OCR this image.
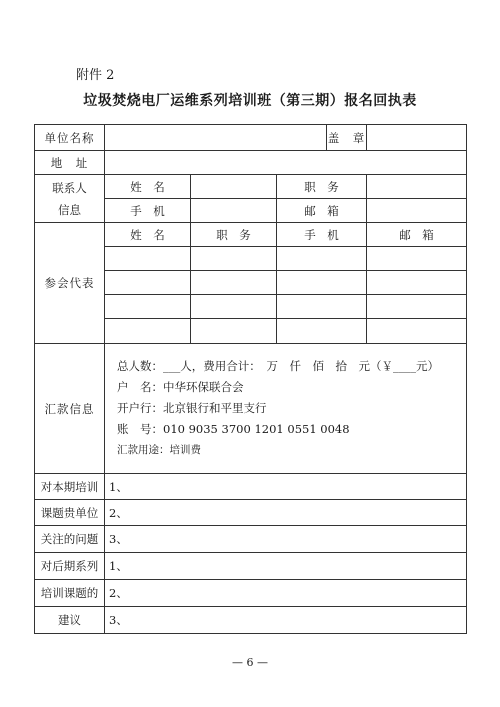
附件 2
垃圾焚烧电厂运维系列培训班（第三期）报名回执表
单位名称				盖　章	
地　址					

联系人
信息	姓　名		职　务		
	手　机		邮　箱		
参会代表	姓　名	职　务	手　机		邮　箱

汇款信息	总人数：___人，费用合计：　万　仟　佰　拾　元（￥____元）
户　名：中华环保联合会
开户行：北京银行和平里支行
账　号：010 9035 3700 1201 0551 0048
汇款用途：培训费				

对本期培训	1、				
课题贵单位	2、				
关注的问题	3、				
对后期系列	1、				
培训课题的	2、				
建议	3、				
— 6 —
